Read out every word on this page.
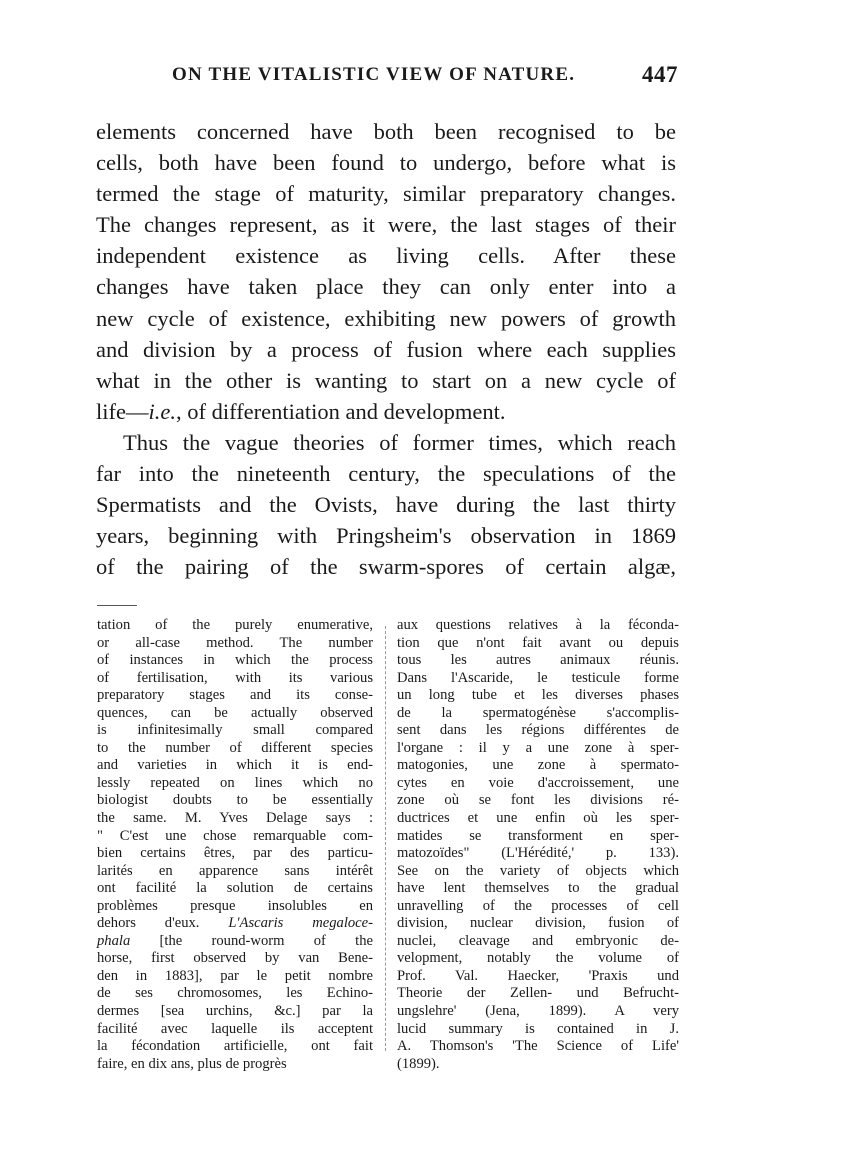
ON THE VITALISTIC VIEW OF NATURE.	447
elements concerned have both been recognised to be
cells, both have been found to undergo, before what is
termed the stage of maturity, similar preparatory changes.
The changes represent, as it were, the last stages of their
independent existence as living cells. After these
changes have taken place they can only enter into a
new cycle of existence, exhibiting new powers of growth
and division by a process of fusion where each supplies
what in the other is wanting to start on a new cycle of
life—i.e., of differentiation and development.
Thus the vague theories of former times, which reach
far into the nineteenth century, the speculations of the
Spermatists and the Ovists, have during the last thirty
years, beginning with Pringsheim's observation in 1869
of the pairing of the swarm-spores of certain algæ,
tation of the purely enumerative,
or all-case method. The number
of instances in which the process
of fertilisation, with its various
preparatory stages and its conse-
quences, can be actually observed
is infinitesimally small compared
to the number of different species
and varieties in which it is end-
lessly repeated on lines which no
biologist doubts to be essentially
the same. M. Yves Delage says :
" C'est une chose remarquable com-
bien certains êtres, par des particu-
larités en apparence sans intérêt
ont facilité la solution de certains
problèmes presque insolubles en
dehors d'eux. L'Ascaris megaloce-
phala [the round-worm of the
horse, first observed by van Bene-
den in 1883], par le petit nombre
de ses chromosomes, les Echino-
dermes [sea urchins, &c.] par la
facilité avec laquelle ils acceptent
la fécondation artificielle, ont fait
faire, en dix ans, plus de progrès
aux questions relatives à la féconda-
tion que n'ont fait avant ou depuis
tous les autres animaux réunis.
Dans l'Ascaride, le testicule forme
un long tube et les diverses phases
de la spermatogénèse s'accomplis-
sent dans les régions différentes de
l'organe : il y a une zone à sper-
matogonies, une zone à spermato-
cytes en voie d'accroissement, une
zone où se font les divisions ré-
ductrices et une enfin où les sper-
matides se transforment en sper-
matozoïdes" (L'Hérédité,' p. 133).
See on the variety of objects which
have lent themselves to the gradual
unravelling of the processes of cell
division, nuclear division, fusion of
nuclei, cleavage and embryonic de-
velopment, notably the volume of
Prof. Val. Haecker, 'Praxis und
Theorie der Zellen- und Befrucht-
ungslehre' (Jena, 1899). A very
lucid summary is contained in J.
A. Thomson's 'The Science of Life'
(1899).
